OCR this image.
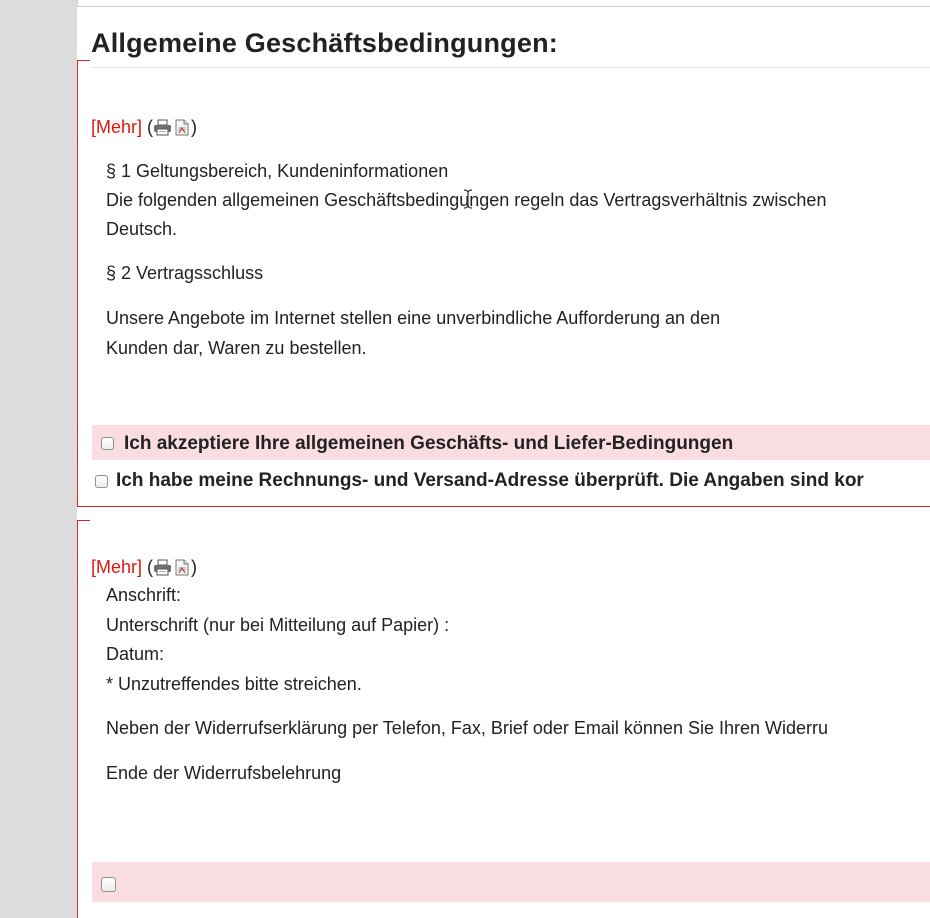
Allgemeine Geschäftsbedingungen:
[Mehr] ( )
§ 1 Geltungsbereich, Kundeninformationen
Die folgenden allgemeinen Geschäftsbedingungen regeln das Vertragsverhältnis zwischen
Deutsch.
§ 2 Vertragsschluss
Unsere Angebote im Internet stellen eine unverbindliche Aufforderung an den
Kunden dar, Waren zu bestellen.
Ich akzeptiere Ihre allgemeinen Geschäfts- und Liefer-Bedingungen
Ich habe meine Rechnungs- und Versand-Adresse überprüft. Die Angaben sind kor
[Mehr] ( )
Anschrift:
Unterschrift (nur bei Mitteilung auf Papier) :
Datum:
* Unzutreffendes bitte streichen.
Neben der Widerrufserklärung per Telefon, Fax, Brief oder Email können Sie Ihren Widerru
Ende der Widerrufsbelehrung
